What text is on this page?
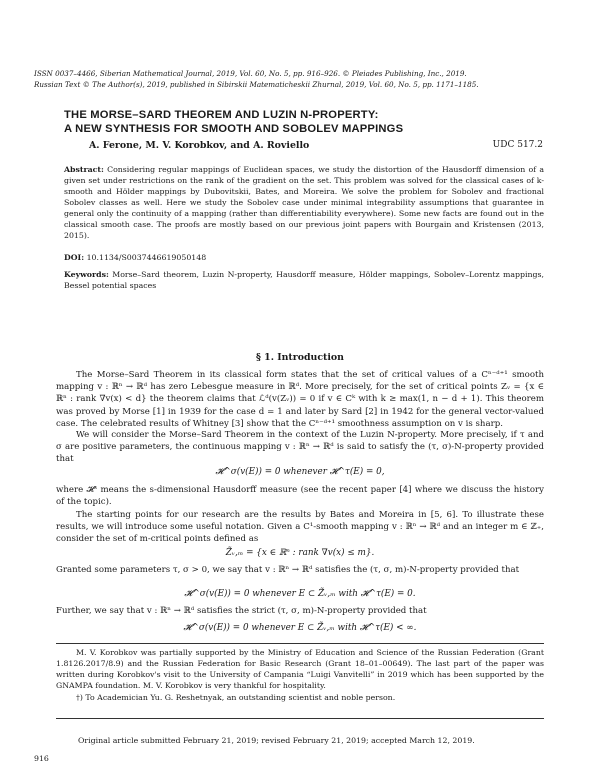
ISSN 0037–4466, Siberian Mathematical Journal, 2019, Vol. 60, No. 5, pp. 916–926. © Pleiades Publishing, Inc., 2019.
Russian Text © The Author(s), 2019, published in Sibirskii Matematicheskii Zhurnal, 2019, Vol. 60, No. 5, pp. 1171–1185.
THE MORSE–SARD THEOREM AND LUZIN N-PROPERTY:
A NEW SYNTHESIS FOR SMOOTH AND SOBOLEV MAPPINGS
A. Ferone, M. V. Korobkov, and A. Roviello	UDC 517.2
Abstract: Considering regular mappings of Euclidean spaces, we study the distortion of the Hausdorff dimension of a given set under restrictions on the rank of the gradient on the set. This problem was solved for the classical cases of k-smooth and Hölder mappings by Dubovitskii, Bates, and Moreira. We solve the problem for Sobolev and fractional Sobolev classes as well. Here we study the Sobolev case under minimal integrability assumptions that guarantee in general only the continuity of a mapping (rather than differentiability everywhere). Some new facts are found out in the classical smooth case. The proofs are mostly based on our previous joint papers with Bourgain and Kristensen (2013, 2015).
DOI: 10.1134/S0037446619050148
Keywords: Morse–Sard theorem, Luzin N-property, Hausdorff measure, Hölder mappings, Sobolev–Lorentz mappings, Bessel potential spaces
§ 1. Introduction
The Morse–Sard Theorem in its classical form states that the set of critical values of a Cⁿ⁻ᵈ⁺¹ smooth mapping v : ℝⁿ → ℝᵈ has zero Lebesgue measure in ℝᵈ. More precisely, for the set of critical points Zᵥ = {x ∈ ℝⁿ : rank ∇v(x) < d} the theorem claims that ℒᵈ(v(Zᵥ)) = 0 if v ∈ Cᵏ with k ≥ max(1, n − d + 1). This theorem was proved by Morse [1] in 1939 for the case d = 1 and later by Sard [2] in 1942 for the general vector-valued case. The celebrated results of Whitney [3] show that the Cⁿ⁻ᵈ⁺¹ smoothness assumption on v is sharp.
We will consider the Morse–Sard Theorem in the context of the Luzin N-property. More precisely, if τ and σ are positive parameters, the continuous mapping v : ℝⁿ → ℝᵈ is said to satisfy the (τ, σ)-N-property provided that
𝓗^σ(v(E)) = 0 whenever 𝓗^τ(E) = 0,
where 𝓗ˢ means the s-dimensional Hausdorff measure (see the recent paper [4] where we discuss the history of the topic).
The starting points for our research are the results by Bates and Moreira in [5, 6]. To illustrate these results, we will introduce some useful notation. Given a C¹-smooth mapping v : ℝⁿ → ℝᵈ and an integer m ∈ ℤ₊, consider the set of m-critical points defined as
Z̃ᵥ,ₘ = {x ∈ ℝⁿ : rank ∇v(x) ≤ m}.
Granted some parameters τ, σ > 0, we say that v : ℝⁿ → ℝᵈ satisfies the (τ, σ, m)-N-property provided that
𝓗^σ(v(E)) = 0 whenever E ⊂ Z̃ᵥ,ₘ with 𝓗^τ(E) = 0.
Further, we say that v : ℝⁿ → ℝᵈ satisfies the strict (τ, σ, m)-N-property provided that
𝓗^σ(v(E)) = 0 whenever E ⊂ Z̃ᵥ,ₘ with 𝓗^τ(E) < ∞.
M. V. Korobkov was partially supported by the Ministry of Education and Science of the Russian Federation (Grant 1.8126.2017/8.9) and the Russian Federation for Basic Research (Grant 18–01–00649). The last part of the paper was written during Korobkov's visit to the University of Campania “Luigi Vanvitelli” in 2019 which has been supported by the GNAMPA foundation. M. V. Korobkov is very thankful for hospitality.
†) To Academician Yu. G. Reshetnyak, an outstanding scientist and noble person.
Original article submitted February 21, 2019; revised February 21, 2019; accepted March 12, 2019.
916
